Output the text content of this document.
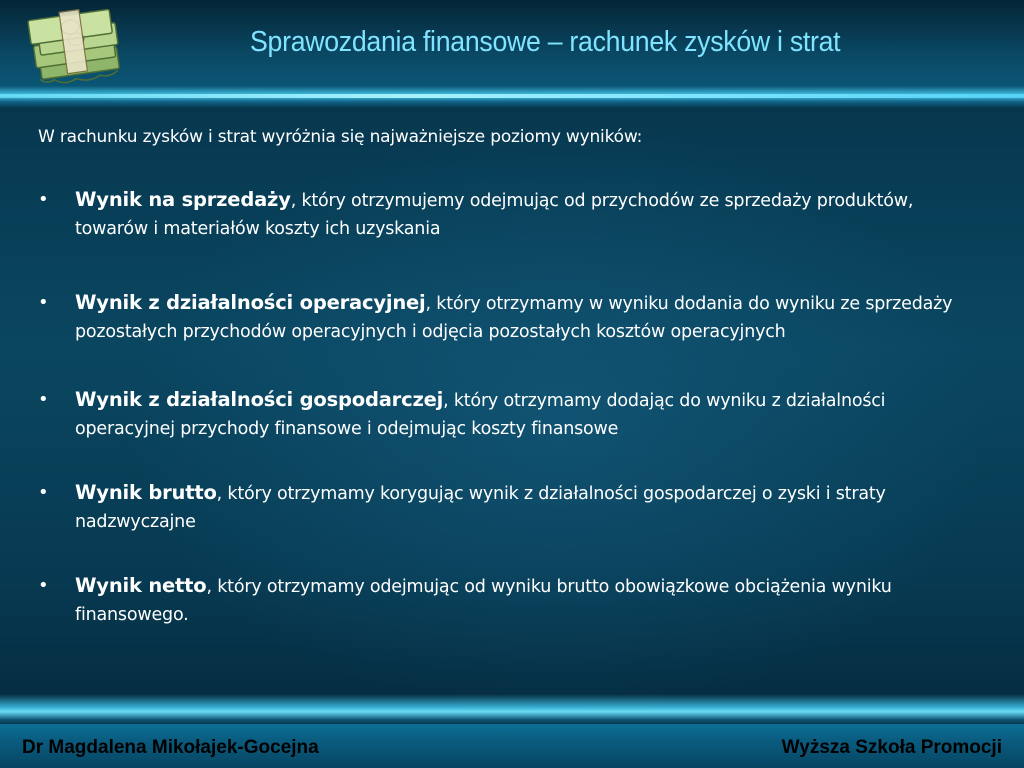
Sprawozdania finansowe – rachunek zysków i strat

W rachunku zysków i strat wyróżnia się najważniejsze poziomy wyników:

• Wynik na sprzedaży, który otrzymujemy odejmując od przychodów ze sprzedaży produktów, towarów i materiałów koszty ich uzyskania
• Wynik z działalności operacyjnej, który otrzymamy w wyniku dodania do wyniku ze sprzedaży pozostałych przychodów operacyjnych i odjęcia pozostałych kosztów operacyjnych
• Wynik z działalności gospodarczej, który otrzymamy dodając do wyniku z działalności operacyjnej przychody finansowe i odejmując koszty finansowe
• Wynik brutto, który otrzymamy korygując wynik z działalności gospodarczej o zyski i straty nadzwyczajne
• Wynik netto, który otrzymamy odejmując od wyniku brutto obowiązkowe obciążenia wyniku finansowego.
Dr Magdalena Mikołajek-Gocejna	Wyższa Szkoła Promocji
